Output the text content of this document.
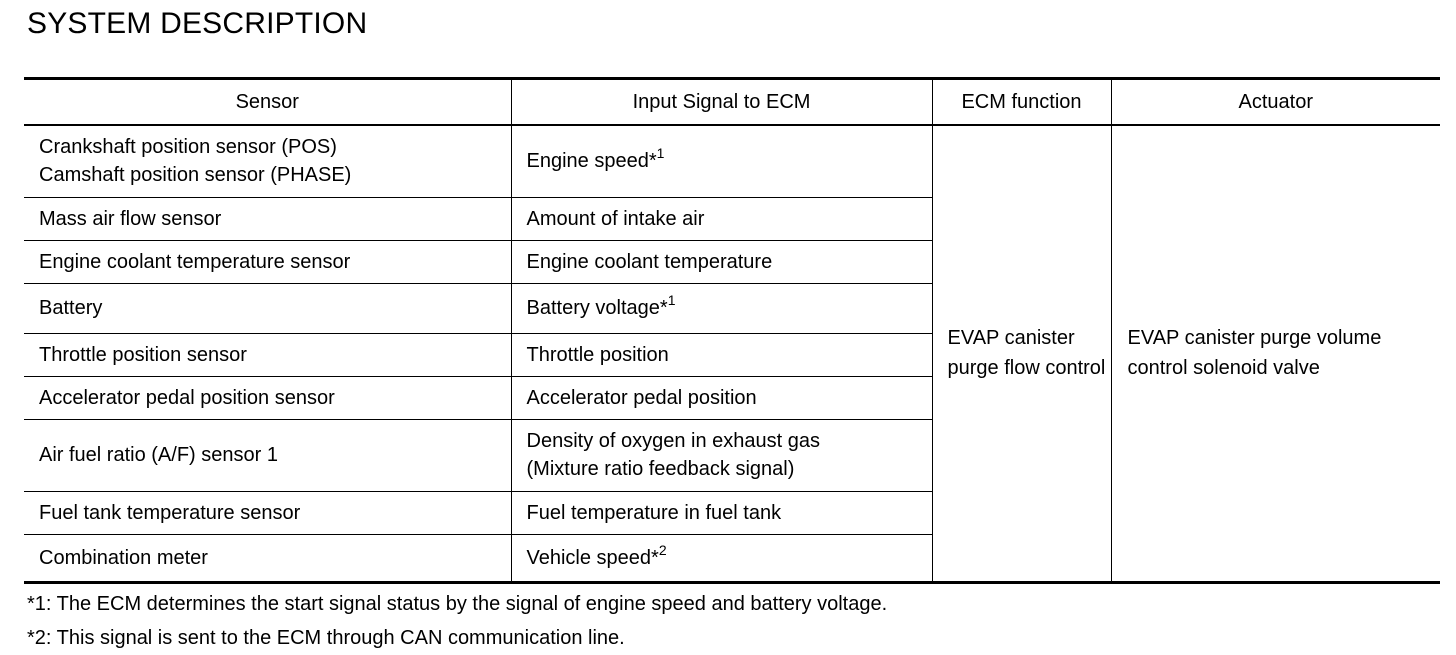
SYSTEM DESCRIPTION
Sensor	Input Signal to ECM	ECM function	Actuator

Crankshaft position sensor (POS)
Camshaft position sensor (PHASE)	Engine speed*$^1$	EVAP canister purge flow control	EVAP canister purge volume control solenoid valve

Mass air flow sensor	Amount of intake air		
Engine coolant temperature sensor	Engine coolant temperature		
Battery	Battery voltage*$^1$
Throttle position sensor	Throttle position		
Accelerator pedal position sensor	Accelerator pedal position		
Air fuel ratio (A/F) sensor 1	Density of oxygen in exhaust gas
(Mixture ratio feedback signal)		

Fuel tank temperature sensor	Fuel temperature in fuel tank		
Combination meter	Vehicle speed*$^2$
*1: The ECM determines the start signal status by the signal of engine speed and battery voltage.
*2: This signal is sent to the ECM through CAN communication line.
